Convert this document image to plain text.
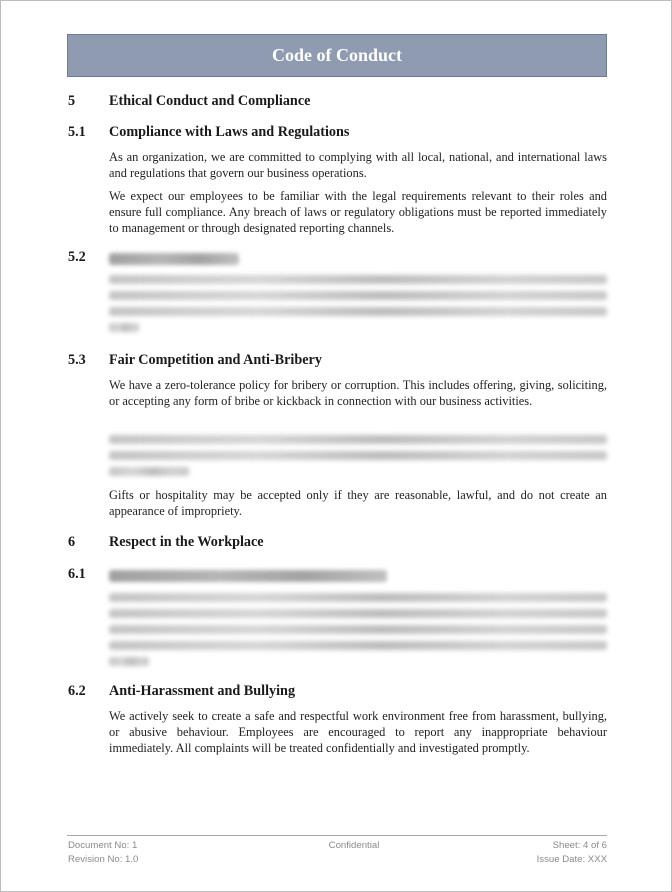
Code of Conduct
5 Ethical Conduct and Compliance
5.1 Compliance with Laws and Regulations
As an organization, we are committed to complying with all local, national, and international laws and regulations that govern our business operations.
We expect our employees to be familiar with the legal requirements relevant to their roles and ensure full compliance. Any breach of laws or regulatory obligations must be reported immediately to management or through designated reporting channels.
5.2
5.3 Fair Competition and Anti-Bribery
We have a zero-tolerance policy for bribery or corruption. This includes offering, giving, soliciting, or accepting any form of bribe or kickback in connection with our business activities.
Gifts or hospitality may be accepted only if they are reasonable, lawful, and do not create an appearance of impropriety.
6 Respect in the Workplace
6.1
6.2 Anti-Harassment and Bullying
We actively seek to create a safe and respectful work environment free from harassment, bullying, or abusive behaviour. Employees are encouraged to report any inappropriate behaviour immediately. All complaints will be treated confidentially and investigated promptly.
Document No: 1
Revision No: 1.0
Confidential	Sheet: 4 of 6
Issue Date: XXX
